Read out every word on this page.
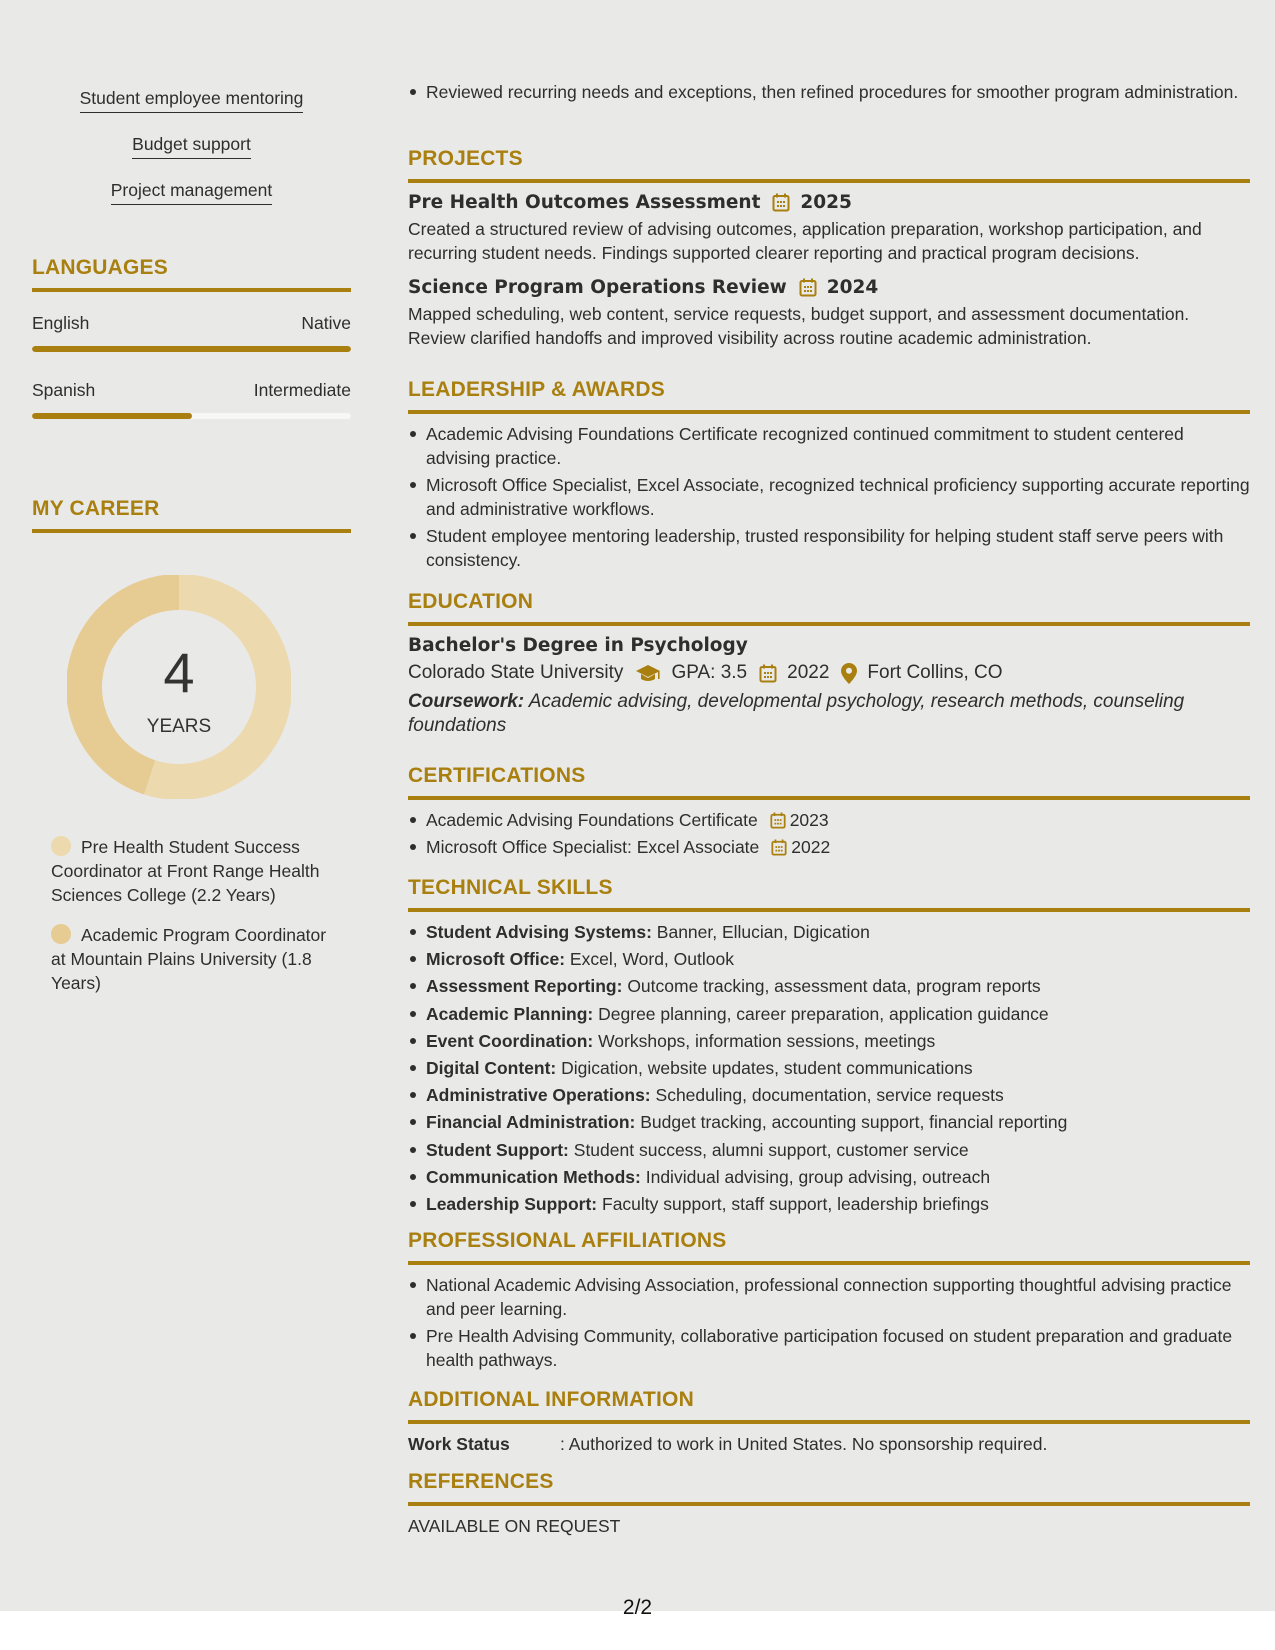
Student employee mentoring
Budget support
Project management
LANGUAGES
English	Native
Spanish	Intermediate
MY CAREER
4
YEARS
Pre Health Student Success Coordinator at Front Range Health Sciences College (2.2 Years)
Academic Program Coordinator at Mountain Plains University (1.8 Years)
Reviewed recurring needs and exceptions, then refined procedures for smoother program administration.
PROJECTS
Pre Health Outcomes Assessment 2025
Created a structured review of advising outcomes, application preparation, workshop participation, and recurring student needs. Findings supported clearer reporting and practical program decisions.
Science Program Operations Review 2024
Mapped scheduling, web content, service requests, budget support, and assessment documentation. Review clarified handoffs and improved visibility across routine academic administration.
LEADERSHIP & AWARDS
Academic Advising Foundations Certificate recognized continued commitment to student centered advising practice.
Microsoft Office Specialist, Excel Associate, recognized technical proficiency supporting accurate reporting and administrative workflows.
Student employee mentoring leadership, trusted responsibility for helping student staff serve peers with consistency.
EDUCATION
Bachelor's Degree in Psychology
Colorado State University	GPA: 3.5 2022 Fort Collins, CO
Coursework: Academic advising, developmental psychology, research methods, counseling foundations
CERTIFICATIONS
Academic Advising Foundations Certificate 2023
Microsoft Office Specialist: Excel Associate 2022
TECHNICAL SKILLS
Student Advising Systems: Banner, Ellucian, Digication
Microsoft Office: Excel, Word, Outlook
Assessment Reporting: Outcome tracking, assessment data, program reports
Academic Planning: Degree planning, career preparation, application guidance
Event Coordination: Workshops, information sessions, meetings
Digital Content: Digication, website updates, student communications
Administrative Operations: Scheduling, documentation, service requests
Financial Administration: Budget tracking, accounting support, financial reporting
Student Support: Student success, alumni support, customer service
Communication Methods: Individual advising, group advising, outreach
Leadership Support: Faculty support, staff support, leadership briefings
PROFESSIONAL AFFILIATIONS
National Academic Advising Association, professional connection supporting thoughtful advising practice and peer learning.
Pre Health Advising Community, collaborative participation focused on student preparation and graduate health pathways.
ADDITIONAL INFORMATION
Work Status	: Authorized to work in United States. No sponsorship required.
REFERENCES
AVAILABLE ON REQUEST
2/2
